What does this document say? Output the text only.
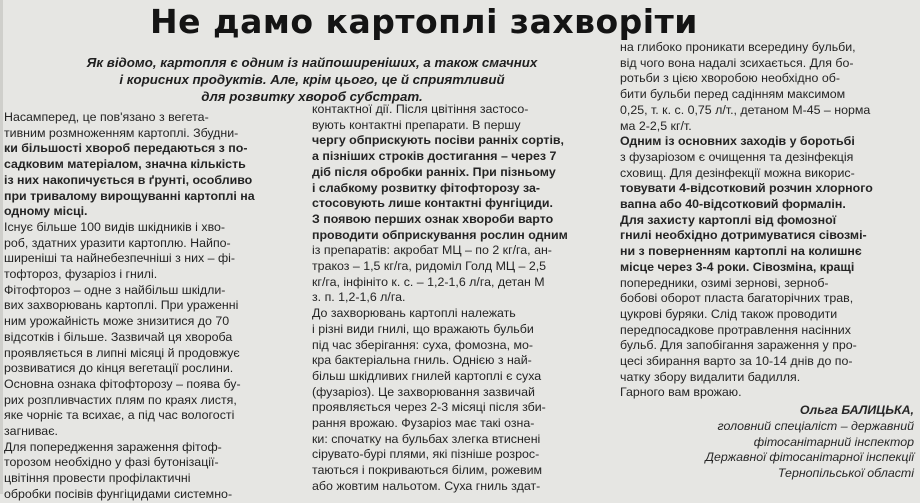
Не дамо картоплі захворіти
Як відомо, картопля є одним із найпоширеніших, а також смачних
і корисних продуктів. Але, крім цього, це й сприятливий
для розвитку хвороб субстрат.
Насамперед, це пов'язано з вегета-
тивним розмноженням картоплі. Збудни-
ки більшості хвороб передаються з по-
садковим матеріалом, значна кількість
із них накопичується в ґрунті, особливо
при тривалому вирощуванні картоплі на
одному місці.
Існує більше 100 видів шкідників і хво-
роб, здатних уразити картоплю. Найпо-
ширеніші та найнебезпечніші з них – фі-
тофтороз, фузаріоз і гнилі.
Фітофтороз – одне з найбільш шкідли-
вих захворювань картоплі. При ураженні
ним урожайність може знизитися до 70
відсотків і більше. Зазвичай ця хвороба
проявляється в липні місяці й продовжує
розвиватися до кінця вегетації рослини.
Основна ознака фітофторозу – поява бу-
рих розпливчастих плям по краях листя,
яке чорніє та всихає, а під час вологості
загниває.
Для попередження зараження фітоф-
торозом необхідно у фазі бутонізації-
цвітіння провести профілактичні
обробки посівів фунгіцидами системно-
контактної дії. Після цвітіння застосо-
вують контактні препарати. В першу
чергу обприскують посіви ранніх сортів,
а пізніших строків достигання – через 7
діб після обробки ранніх. При пізньому
і слабкому розвитку фітофторозу за-
стосовують лише контактні фунгіциди.
З появою перших ознак хвороби варто
проводити обприскування рослин одним
із препаратів: акробат МЦ – по 2 кг/га, ан-
тракоз – 1,5 кг/га, ридоміл Голд МЦ – 2,5
кг/га, інфініто к. с. – 1,2-1,6 л/га, детан М
з. п. 1,2-1,6 л/га.
До захворювань картоплі належать
і різні види гнилі, що вражають бульби
під час зберігання: суха, фомозна, мо-
кра бактеріальна гниль. Однією з най-
більш шкідливих гнилей картоплі є суха
(фузаріоз). Це захворювання зазвичай
проявляється через 2-3 місяці після зби-
рання врожаю. Фузаріоз має такі озна-
ки: спочатку на бульбах злегка втиснені
сірувато-бурі плями, які пізніше розрос-
таються і покриваються білим, рожевим
або жовтим нальотом. Суха гниль здат-
на глибоко проникати всередину бульби,
від чого вона надалі зсихається. Для бо-
ротьби з цією хворобою необхідно об-
бити бульби перед садінням максимом
0,25, т. к. с. 0,75 л/т., детаном М-45 – норма
ма 2-2,5 кг/т.
Одним із основних заходів у боротьбі
з фузаріозом є очищення та дезінфекція
сховищ. Для дезінфекції можна викорис-
товувати 4-відсотковий розчин хлорного
вапна або 40-відсотковий формалін.
Для захисту картоплі від фомозної
гнилі необхідно дотримуватися сівозмі-
ни з поверненням картоплі на колишнє
місце через 3-4 роки. Сівозміна, кращі
попередники, озимі зернові, зерноб-
бобові оборот пласта багаторічних трав,
цукрові буряки. Слід також проводити
передпосадкове протравлення насінних
бульб. Для запобігання зараження у про-
цесі збирання варто за 10-14 днів до по-
чатку збору видалити бадилля.
Гарного вам врожаю.
Ольга БАЛИЦЬКА,
головний спеціаліст – державний
фітосанітарний інспектор
Державної фітосанітарної інспекції
Тернопільської області
